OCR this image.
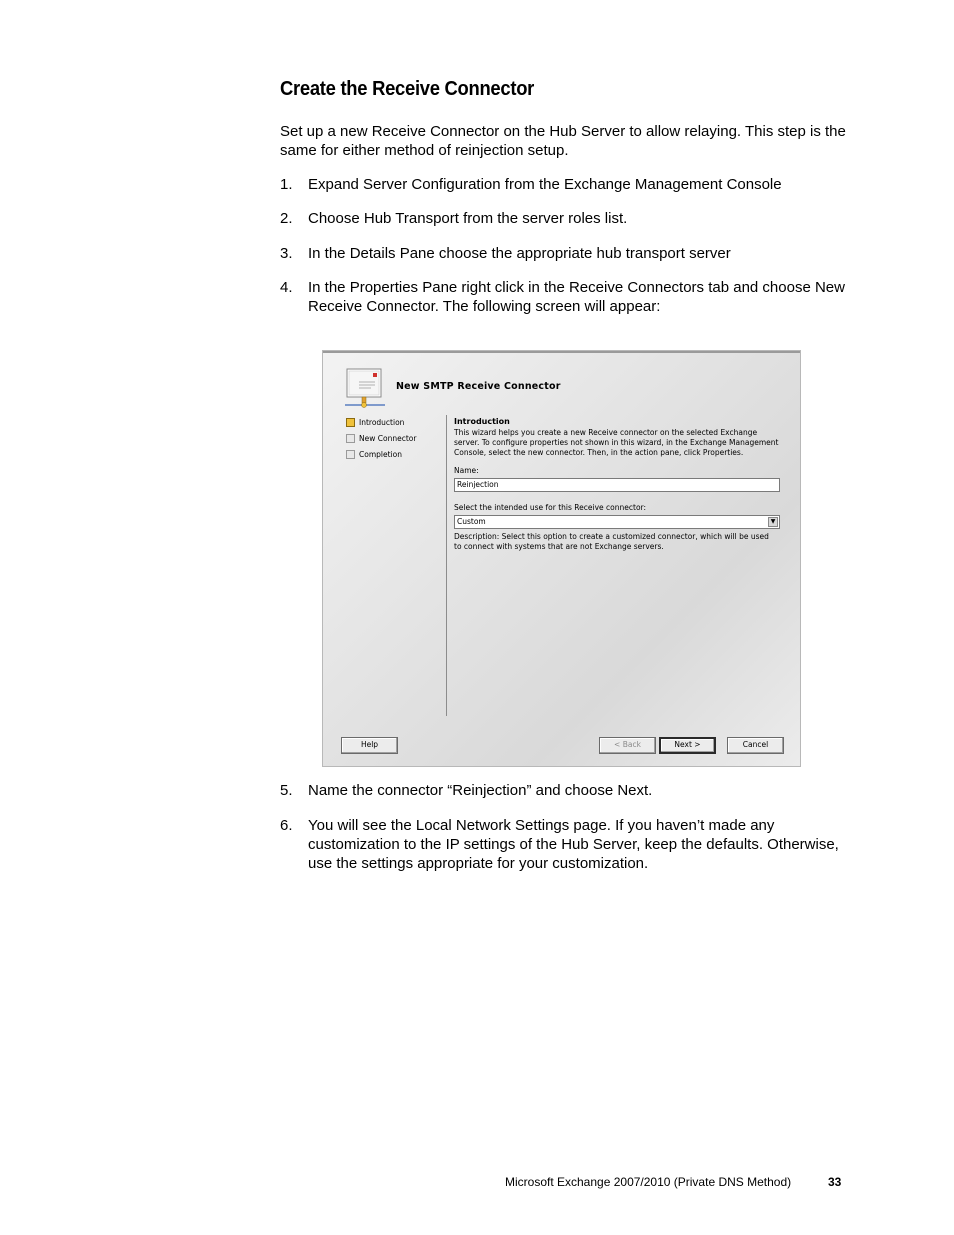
Create the Receive Connector
Set up a new Receive Connector on the Hub Server to allow relaying. This step is the same for either method of reinjection setup.
1. Expand Server Configuration from the Exchange Management Console
2. Choose Hub Transport from the server roles list.
3. In the Details Pane choose the appropriate hub transport server
4. In the Properties Pane right click in the Receive Connectors tab and choose New Receive Connector. The following screen will appear:
New SMTP Receive Connector
Introduction
New Connector
Completion
Introduction
This wizard helps you create a new Receive connector on the selected Exchange server. To configure properties not shown in this wizard, in the Exchange Management Console, select the new connector. Then, in the action pane, click Properties.
Name:
Reinjection
Select the intended use for this Receive connector:
Custom	▼
Description: Select this option to create a customized connector, which will be used to connect with systems that are not Exchange servers.
Help	< Back	Next >	Cancel
5. Name the connector “Reinjection” and choose Next.
6. You will see the Local Network Settings page. If you haven’t made any customization to the IP settings of the Hub Server, keep the defaults. Otherwise, use the settings appropriate for your customization.
Microsoft Exchange 2007/2010 (Private DNS Method)	33
